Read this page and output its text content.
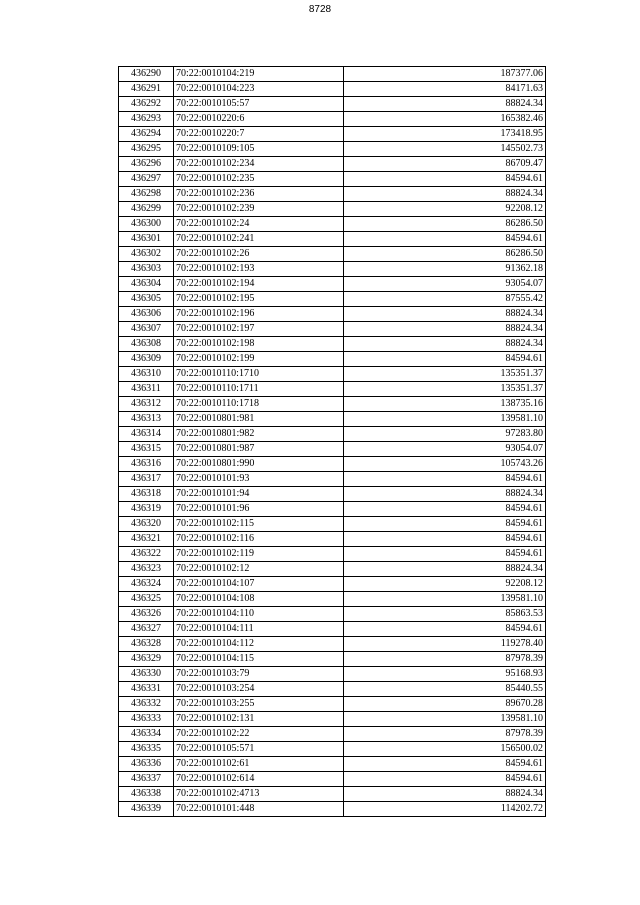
8728
436290	70:22:0010104:219	187377.06
436291	70:22:0010104:223	84171.63
436292	70:22:0010105:57	88824.34
436293	70:22:0010220:6	165382.46
436294	70:22:0010220:7	173418.95
436295	70:22:0010109:105	145502.73
436296	70:22:0010102:234	86709.47
436297	70:22:0010102:235	84594.61
436298	70:22:0010102:236	88824.34
436299	70:22:0010102:239	92208.12
436300	70:22:0010102:24	86286.50
436301	70:22:0010102:241	84594.61
436302	70:22:0010102:26	86286.50
436303	70:22:0010102:193	91362.18
436304	70:22:0010102:194	93054.07
436305	70:22:0010102:195	87555.42
436306	70:22:0010102:196	88824.34
436307	70:22:0010102:197	88824.34
436308	70:22:0010102:198	88824.34
436309	70:22:0010102:199	84594.61
436310	70:22:0010110:1710	135351.37
436311	70:22:0010110:1711	135351.37
436312	70:22:0010110:1718	138735.16
436313	70:22:0010801:981	139581.10
436314	70:22:0010801:982	97283.80
436315	70:22:0010801:987	93054.07
436316	70:22:0010801:990	105743.26
436317	70:22:0010101:93	84594.61
436318	70:22:0010101:94	88824.34
436319	70:22:0010101:96	84594.61
436320	70:22:0010102:115	84594.61
436321	70:22:0010102:116	84594.61
436322	70:22:0010102:119	84594.61
436323	70:22:0010102:12	88824.34
436324	70:22:0010104:107	92208.12
436325	70:22:0010104:108	139581.10
436326	70:22:0010104:110	85863.53
436327	70:22:0010104:111	84594.61
436328	70:22:0010104:112	119278.40
436329	70:22:0010104:115	87978.39
436330	70:22:0010103:79	95168.93
436331	70:22:0010103:254	85440.55
436332	70:22:0010103:255	89670.28
436333	70:22:0010102:131	139581.10
436334	70:22:0010102:22	87978.39
436335	70:22:0010105:571	156500.02
436336	70:22:0010102:61	84594.61
436337	70:22:0010102:614	84594.61
436338	70:22:0010102:4713	88824.34
436339	70:22:0010101:448	114202.72
